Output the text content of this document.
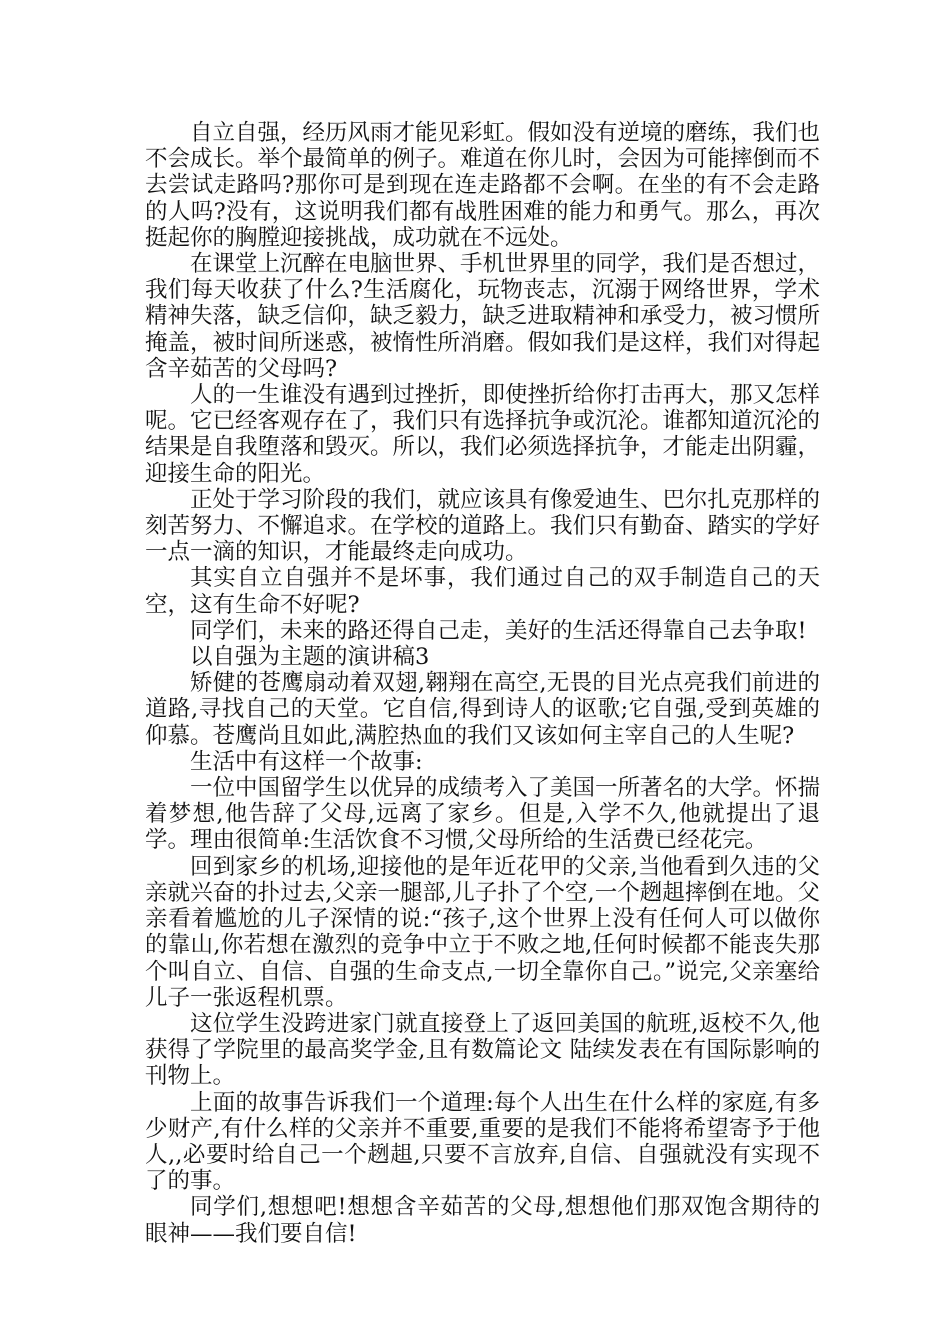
自立自强，经历风雨才能见彩虹。假如没有逆境的磨练，我们也不会成长。举个最简单的例子。难道在你儿时，会因为可能摔倒而不去尝试走路吗?那你可是到现在连走路都不会啊。在坐的有不会走路的人吗?没有，这说明我们都有战胜困难的能力和勇气。那么，再次挺起你的胸膛迎接挑战，成功就在不远处。

在课堂上沉醉在电脑世界、手机世界里的同学，我们是否想过，我们每天收获了什么?生活腐化，玩物丧志，沉溺于网络世界，学术精神失落，缺乏信仰，缺乏毅力，缺乏进取精神和承受力，被习惯所掩盖，被时间所迷惑，被惰性所消磨。假如我们是这样，我们对得起含辛茹苦的父母吗?

人的一生谁没有遇到过挫折，即使挫折给你打击再大，那又怎样呢。它已经客观存在了，我们只有选择抗争或沉沦。谁都知道沉沦的结果是自我堕落和毁灭。所以，我们必须选择抗争，才能走出阴霾，迎接生命的阳光。

正处于学习阶段的我们，就应该具有像爱迪生、巴尔扎克那样的刻苦努力、不懈追求。在学校的道路上。我们只有勤奋、踏实的学好一点一滴的知识，才能最终走向成功。

其实自立自强并不是坏事，我们通过自己的双手制造自己的天空，这有生命不好呢?

同学们，未来的路还得自己走，美好的生活还得靠自己去争取!

以自强为主题的演讲稿3

矫健的苍鹰扇动着双翅,翱翔在高空,无畏的目光点亮我们前进的道路,寻找自己的天堂。它自信,得到诗人的讴歌;它自强,受到英雄的仰慕。苍鹰尚且如此,满腔热血的我们又该如何主宰自己的人生呢?

生活中有这样一个故事:

一位中国留学生以优异的成绩考入了美国一所著名的大学。怀揣着梦想,他告辞了父母,远离了家乡。但是,入学不久,他就提出了退学。理由很简单:生活饮食不习惯,父母所给的生活费已经花完。

回到家乡的机场,迎接他的是年近花甲的父亲,当他看到久违的父亲就兴奋的扑过去,父亲一腿部,儿子扑了个空,一个趔趄摔倒在地。父亲看着尴尬的儿子深情的说:“孩子,这个世界上没有任何人可以做你的靠山,你若想在激烈的竞争中立于不败之地,任何时候都不能丧失那个叫自立、自信、自强的生命支点,一切全靠你自己。”说完,父亲塞给儿子一张返程机票。

这位学生没跨进家门就直接登上了返回美国的航班,返校不久,他获得了学院里的最高奖学金,且有数篇论文 陆续发表在有国际影响的刊物上。

上面的故事告诉我们一个道理:每个人出生在什么样的家庭,有多少财产,有什么样的父亲并不重要,重要的是我们不能将希望寄予于他人,,必要时给自己一个趔趄,只要不言放弃,自信、自强就没有实现不了的事。

同学们,想想吧!想想含辛茹苦的父母,想想他们那双饱含期待的眼神——我们要自信!
